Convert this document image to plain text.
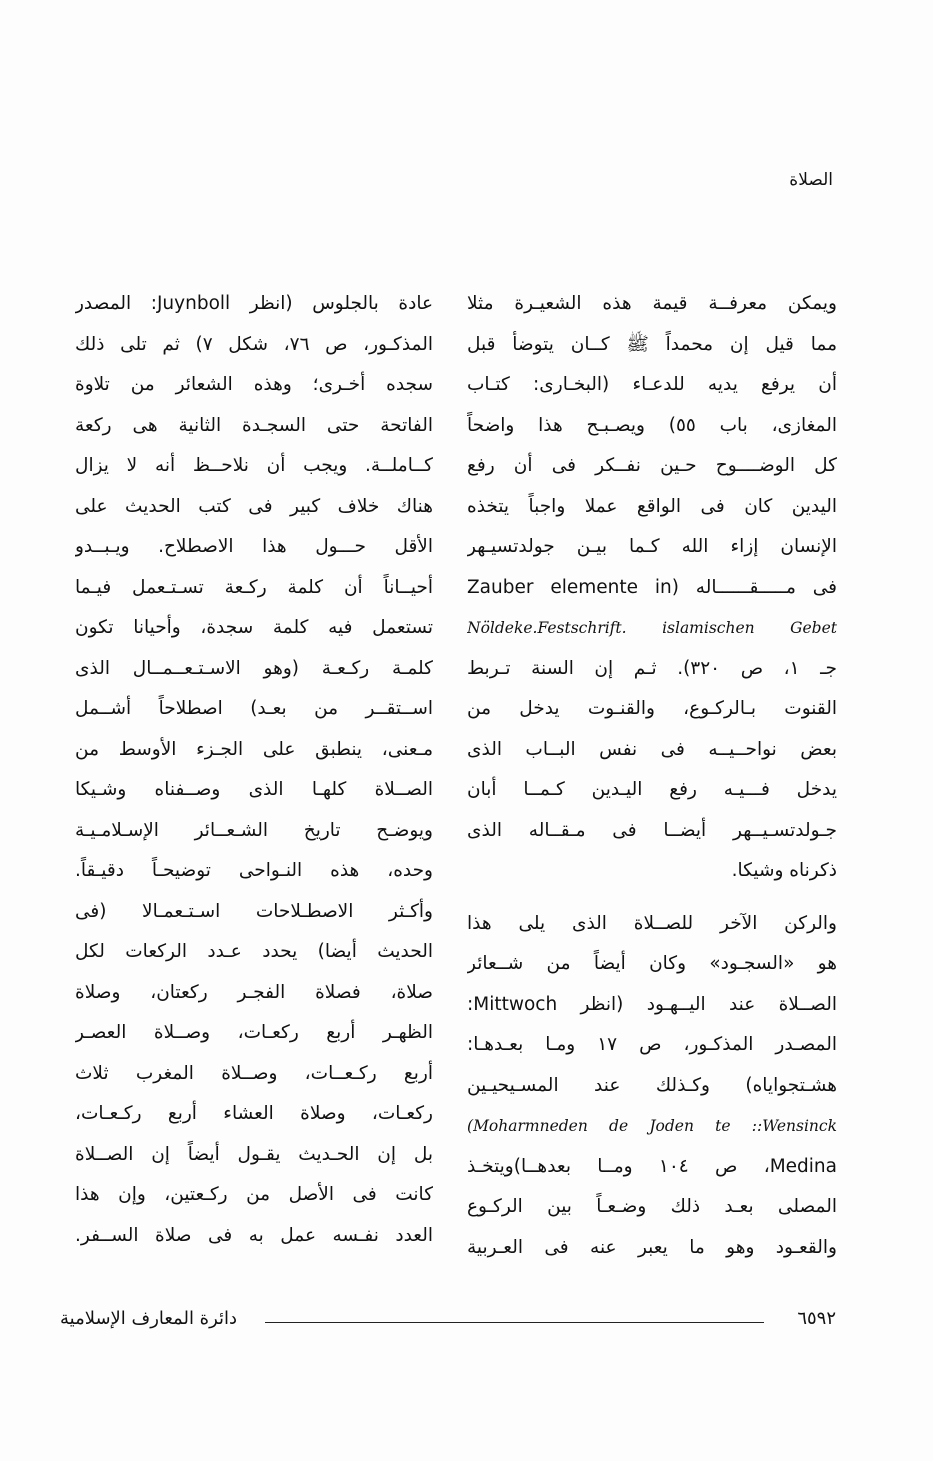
الصلاة
ويمكن معرفــة قيمة هذه الشعيـرة مثلا
مما قيل إن محمداً ﷺ كــان يتوضأ قبل
أن يرفع يديه للدعـاء (البخـارى: كتـاب
المغازى، باب ٥٥) ويصـبـح هذا واضحاً
كل الوضــــوح حـين نفــكر فى أن رفع
اليدين كان فى الواقع عملا واجباً يتخذه
الإنسان إزاء الله كـما بيـن جولدتسيـهر
فى مـــــقــــــاله (Zauber elemente in
Nöldeke.Festschrift. islamischen Gebet
جـ ١، ص ٣٢٠). ثـم إن السنة تـربط
القنوت بـالركـوع، والقنـوت يدخل من
بعض نواحــيــه فى نفس البــاب الذى
يدخل فـــيـه رفع اليـدين كـمــا أبان
جـولدتسـيــهر أيضــا فى مـقــاله الذى
ذكرناه وشيكا.
والركن الآخر للصــلاة الذى يلى هذا
هو «السجـود» وكان أيضاً من شــعائر
الصــلاة عند اليــهـود (انظر Mittwoch:
المصـدر المذكـور، ص ١٧ ومـا بعـدهـا:
هشـتجواياه) وكـذلك عند المسـيحيـين
Moharmneden de Joden te ::Wensinck)
Medina، ص ١٠٤ ومــا بعدهــا)ويتخـذ
المصلى بعـد ذلك وضـعـاً بين الركـوع
والقعـود وهو ما يعبر عنه فى العـربية
عادة بالجلوس (انظر Juynboll: المصدر
المذكـور، ص ٧٦، شكل ٧) ثم تلى ذلك
سجده أخـرى؛ وهذه الشعائر من تلاوة
الفاتحة حتى السجـدة الثانية هى ركعة
كــاملــة. ويجب أن نلاحــظ أنه لا يزال
هناك خلاف كبير فى كتب الحديث على
الأقل حـــول هذا الاصطلاح. ويـبــدو
أحيــاناً أن كلمة ركـعة تسـتـعمل فيـما
تستعمل فيه كلمة سجدة، وأحيانا تكون
كلمـة ركـعـة (وهو الاسـتـعــمــال الذى
اســتقــر من بعـد) اصطلاحاً أشــمل
مـعنى، ينطبق على الجـزء الأوسط من
الصــلاة كلهـا الذى وصــفناه وشـيكا
ويوضـح تاريخ الشـعــائر الإسـلامـيـة
وحده، هذه النـواحى توضيحـاً دقيـقاً.
وأكـثر الاصطـلاحات اسـتـعمـالا (فى
الحديث أيضا) يحدد عـدد الركعات لكل
صلاة، فصلاة الفجـر ركعتان، وصلاة
الظهـر أربع ركعـات، وصــلاة العصـر
أربع ركـعــات، وصــلاة المغرب ثلاث
ركعـات، وصلاة العشاء أربع ركـعـات،
بل إن الحـديث يقـول أيضاً إن الصــلاة
كانت فى الأصل من ركـعتين، وإن هذا
العدد نفـسه عمل به فى صلاة الســفر.
٦٥٩٢
دائرة المعارف الإسلامية
